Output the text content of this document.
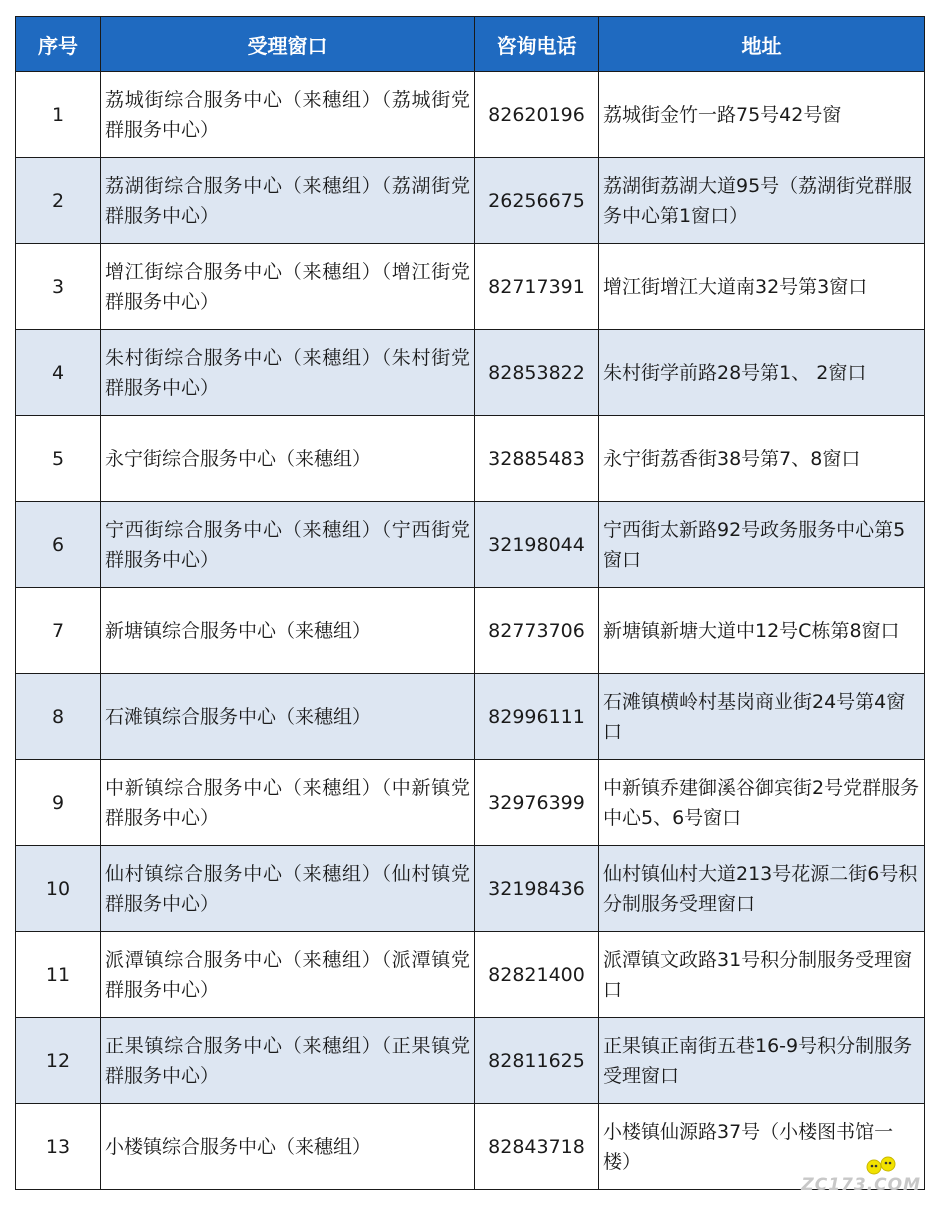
序号	受理窗口	咨询电话	地址
1	荔城街综合服务中心（来穗组）（荔城街党群服务中心）	82620196	荔城街金竹一路75号42号窗
2	荔湖街综合服务中心（来穗组）（荔湖街党群服务中心）	26256675	荔湖街荔湖大道95号（荔湖街党群服务中心第1窗口）
3	增江街综合服务中心（来穗组）（增江街党群服务中心）	82717391	增江街增江大道南32号第3窗口
4	朱村街综合服务中心（来穗组）（朱村街党群服务中心）	82853822	朱村街学前路28号第1、 2窗口
5	永宁街综合服务中心（来穗组）	32885483	永宁街荔香街38号第7、8窗口
6	宁西街综合服务中心（来穗组）（宁西街党群服务中心）	32198044	宁西街太新路92号政务服务中心第5窗口
7	新塘镇综合服务中心（来穗组）	82773706	新塘镇新塘大道中12号C栋第8窗口
8	石滩镇综合服务中心（来穗组）	82996111	石滩镇横岭村基岗商业街24号第4窗口
9	中新镇综合服务中心（来穗组）（中新镇党群服务中心）	32976399	中新镇乔建御溪谷御宾街2号党群服务中心5、6号窗口
10	仙村镇综合服务中心（来穗组）（仙村镇党群服务中心）	32198436	仙村镇仙村大道213号花源二街6号积分制服务受理窗口
11	派潭镇综合服务中心（来穗组）（派潭镇党群服务中心）	82821400	派潭镇文政路31号积分制服务受理窗口
12	正果镇综合服务中心（来穗组）（正果镇党群服务中心）	82811625	正果镇正南街五巷16-9号积分制服务受理窗口
13	小楼镇综合服务中心（来穗组）	82843718	小楼镇仙源路37号（小楼图书馆一楼）
ZC173.COM
